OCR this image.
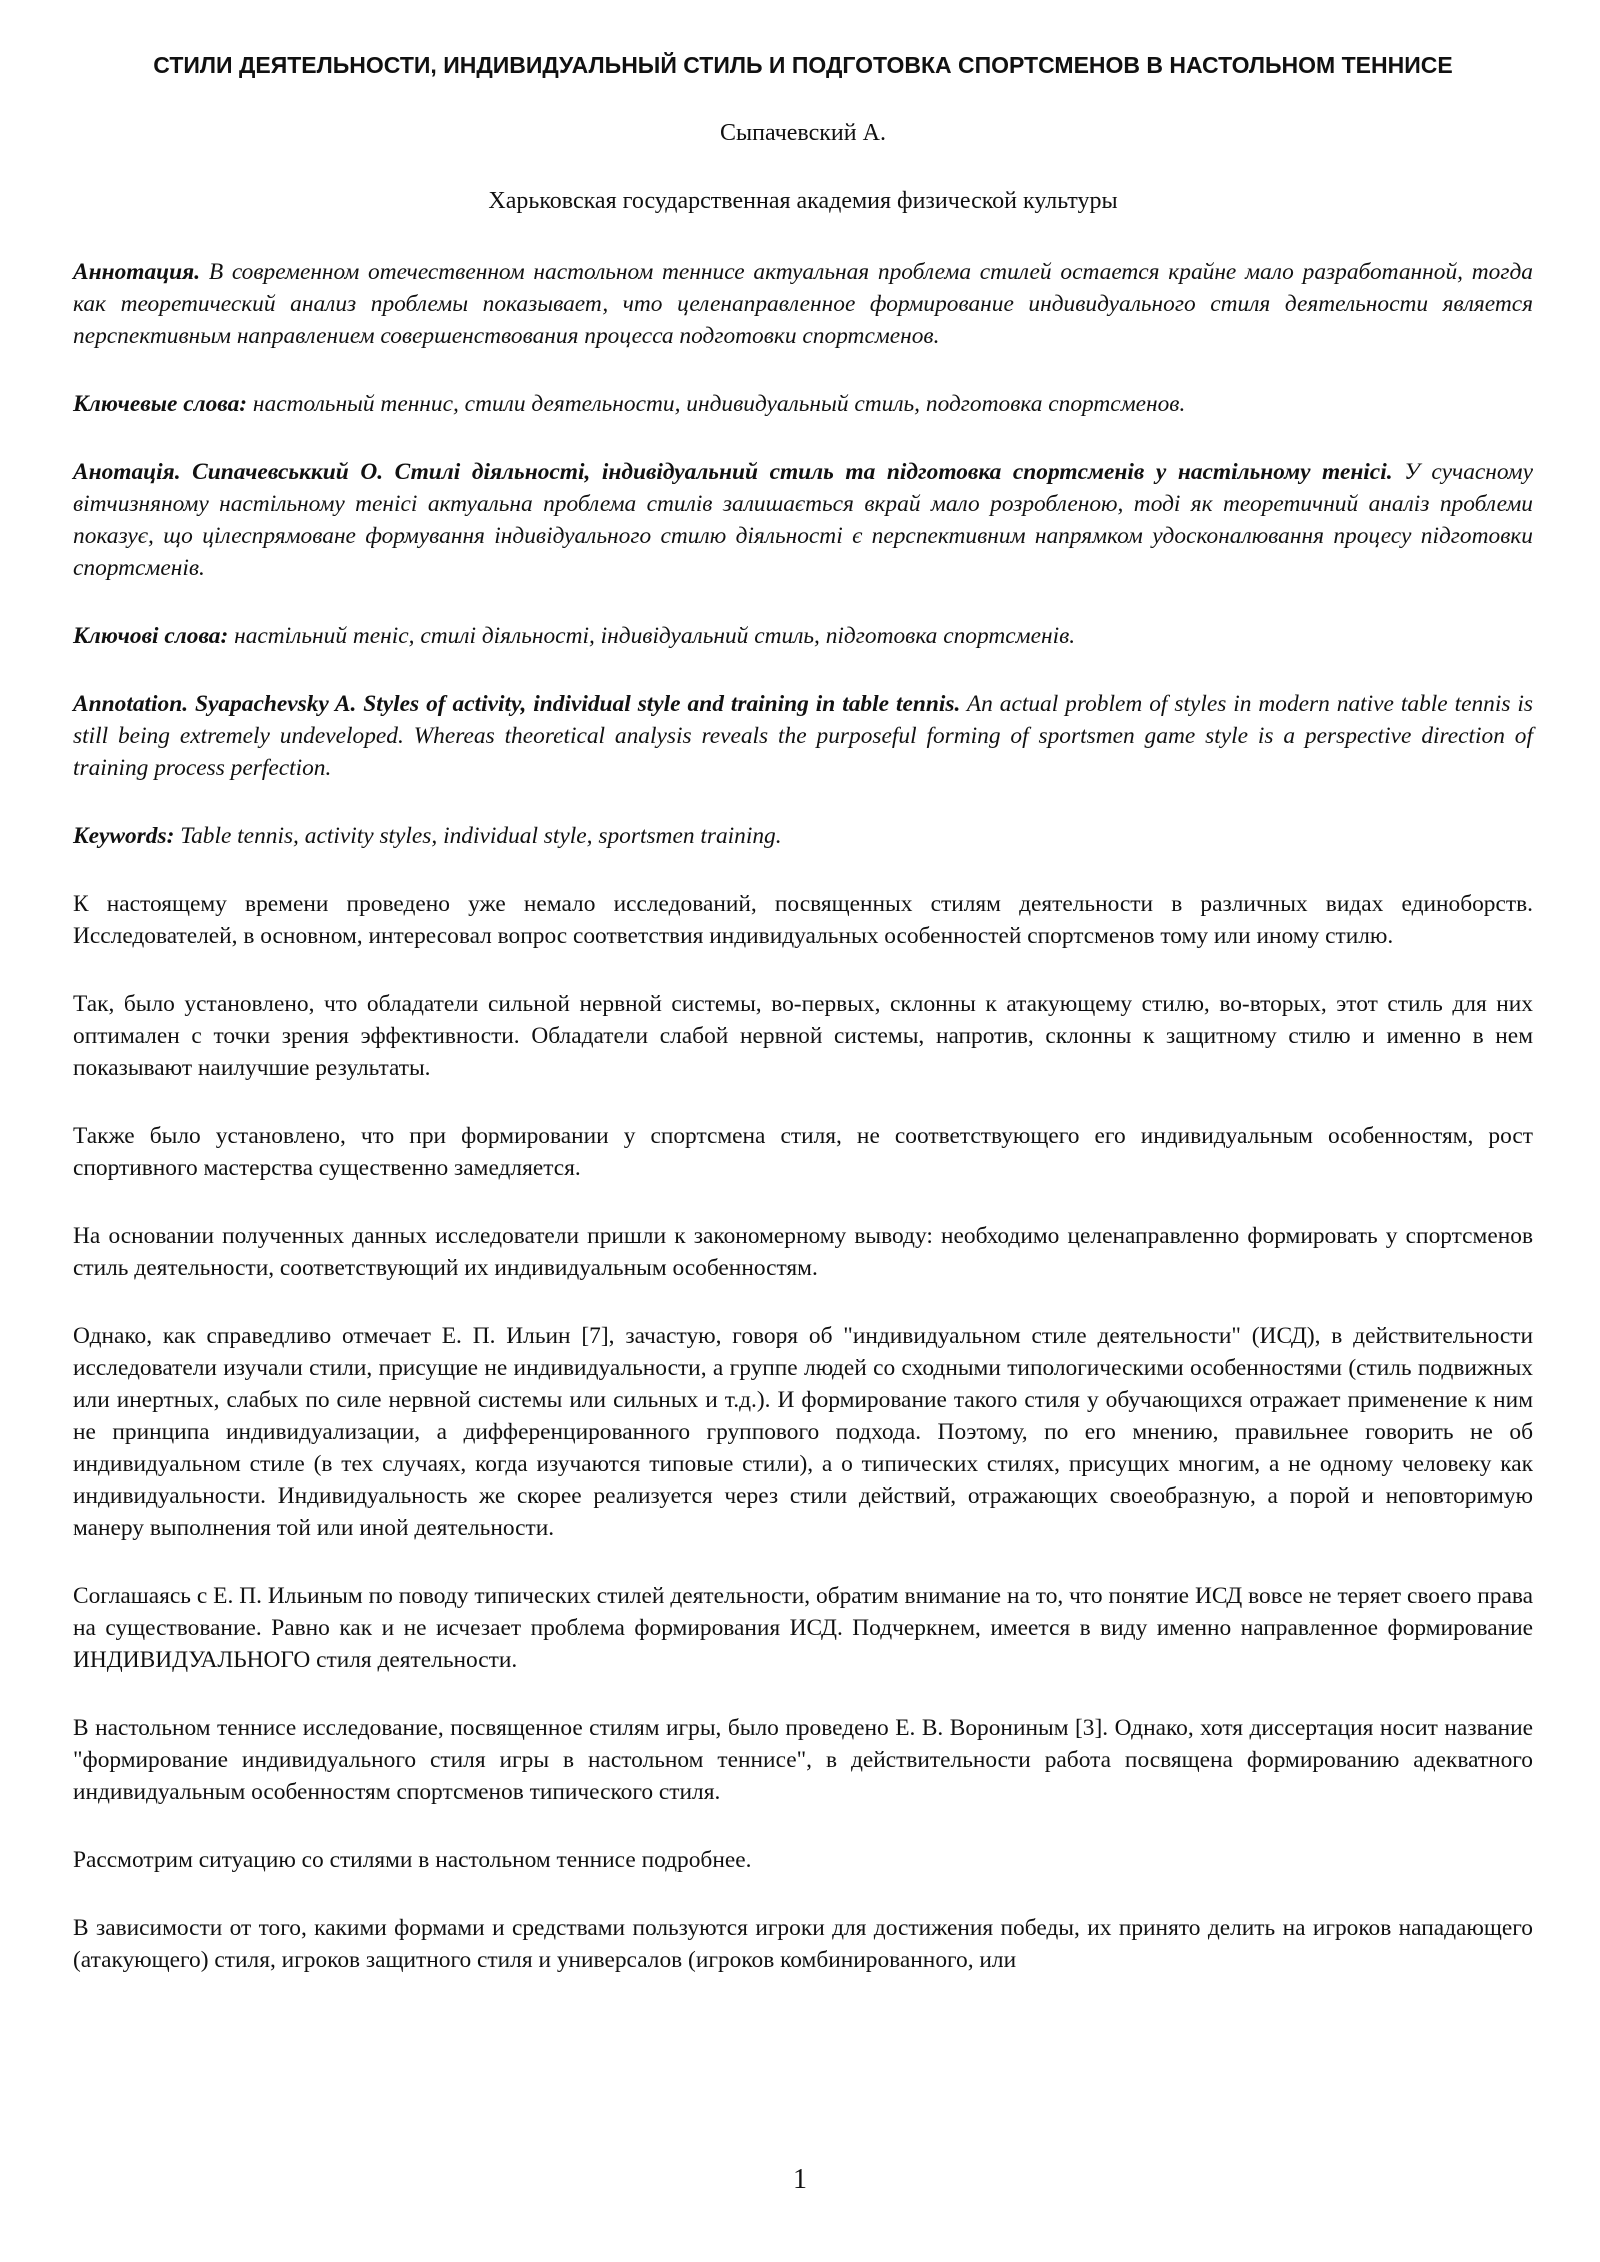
СТИЛИ ДЕЯТЕЛЬНОСТИ, ИНДИВИДУАЛЬНЫЙ СТИЛЬ И ПОДГОТОВКА СПОРТСМЕНОВ В НАСТОЛЬНОМ ТЕННИСЕ
Сыпачевский А.
Харьковская государственная академия физической культуры

Аннотация. В современном отечественном настольном теннисе актуальная проблема стилей остается крайне мало разработанной, тогда как теоретический анализ проблемы показывает, что целенаправленное формирование индивидуального стиля деятельности является перспективным направлением совершенствования процесса подготовки спортсменов.

Ключевые слова: настольный теннис, стили деятельности, индивидуальный стиль, подготовка спортсменов.

Анотація. Сипачевськкий О. Стилі діяльності, індивідуальний стиль та підготовка спортсменів у настільному тенісі. У сучасному вітчизняному настільному тенісі актуальна проблема стилів залишається вкрай мало розробленою, тоді як теоретичний аналіз проблеми показує, що цілеспрямоване формування індивідуального стилю діяльності є перспективним напрямком удосконалювання процесу підготовки спортсменів.

Ключові слова: настільний теніс, стилі діяльності, індивідуальний стиль, підготовка спортсменів.

Annotation. Syapachevsky A. Styles of activity, individual style and training in table tennis. An actual problem of styles in modern native table tennis is still being extremely undeveloped. Whereas theoretical analysis reveals the purposeful forming of sportsmen game style is a perspective direction of training process perfection.

Keywords: Table tennis, activity styles, individual style, sportsmen training.

К настоящему времени проведено уже немало исследований, посвященных стилям деятельности в различных видах единоборств. Исследователей, в основном, интересовал вопрос соответствия индивидуальных особенностей спортсменов тому или иному стилю.

Так, было установлено, что обладатели сильной нервной системы, во-первых, склонны к атакующему стилю, во-вторых, этот стиль для них оптимален с точки зрения эффективности. Обладатели слабой нервной системы, напротив, склонны к защитному стилю и именно в нем показывают наилучшие результаты.

Также было установлено, что при формировании у спортсмена стиля, не соответствующего его индивидуальным особенностям, рост спортивного мастерства существенно замедляется.

На основании полученных данных исследователи пришли к закономерному выводу: необходимо целенаправленно формировать у спортсменов стиль деятельности, соответствующий их индивидуальным особенностям.

Однако, как справедливо отмечает Е. П. Ильин [7], зачастую, говоря об "индивидуальном стиле деятельности" (ИСД), в действительности исследователи изучали стили, присущие не индивидуальности, а группе людей со сходными типологическими особенностями (стиль подвижных или инертных, слабых по силе нервной системы или сильных и т.д.). И формирование такого стиля у обучающихся отражает применение к ним не принципа индивидуализации, а дифференцированного группового подхода. Поэтому, по его мнению, правильнее говорить не об индивидуальном стиле (в тех случаях, когда изучаются типовые стили), а о типических стилях, присущих многим, а не одному человеку как индивидуальности. Индивидуальность же скорее реализуется через стили действий, отражающих своеобразную, а порой и неповторимую манеру выполнения той или иной деятельности.

Соглашаясь с Е. П. Ильиным по поводу типических стилей деятельности, обратим внимание на то, что понятие ИСД вовсе не теряет своего права на существование. Равно как и не исчезает проблема формирования ИСД. Подчеркнем, имеется в виду именно направленное формирование ИНДИВИДУАЛЬНОГО стиля деятельности.

В настольном теннисе исследование, посвященное стилям игры, было проведено Е. В. Ворониным [3]. Однако, хотя диссертация носит название "формирование индивидуального стиля игры в настольном теннисе", в действительности работа посвящена формированию адекватного индивидуальным особенностям спортсменов типического стиля.

Рассмотрим ситуацию со стилями в настольном теннисе подробнее.

В зависимости от того, какими формами и средствами пользуются игроки для достижения победы, их принято делить на игроков нападающего (атакующего) стиля, игроков защитного стиля и универсалов (игроков комбинированного, или

1
